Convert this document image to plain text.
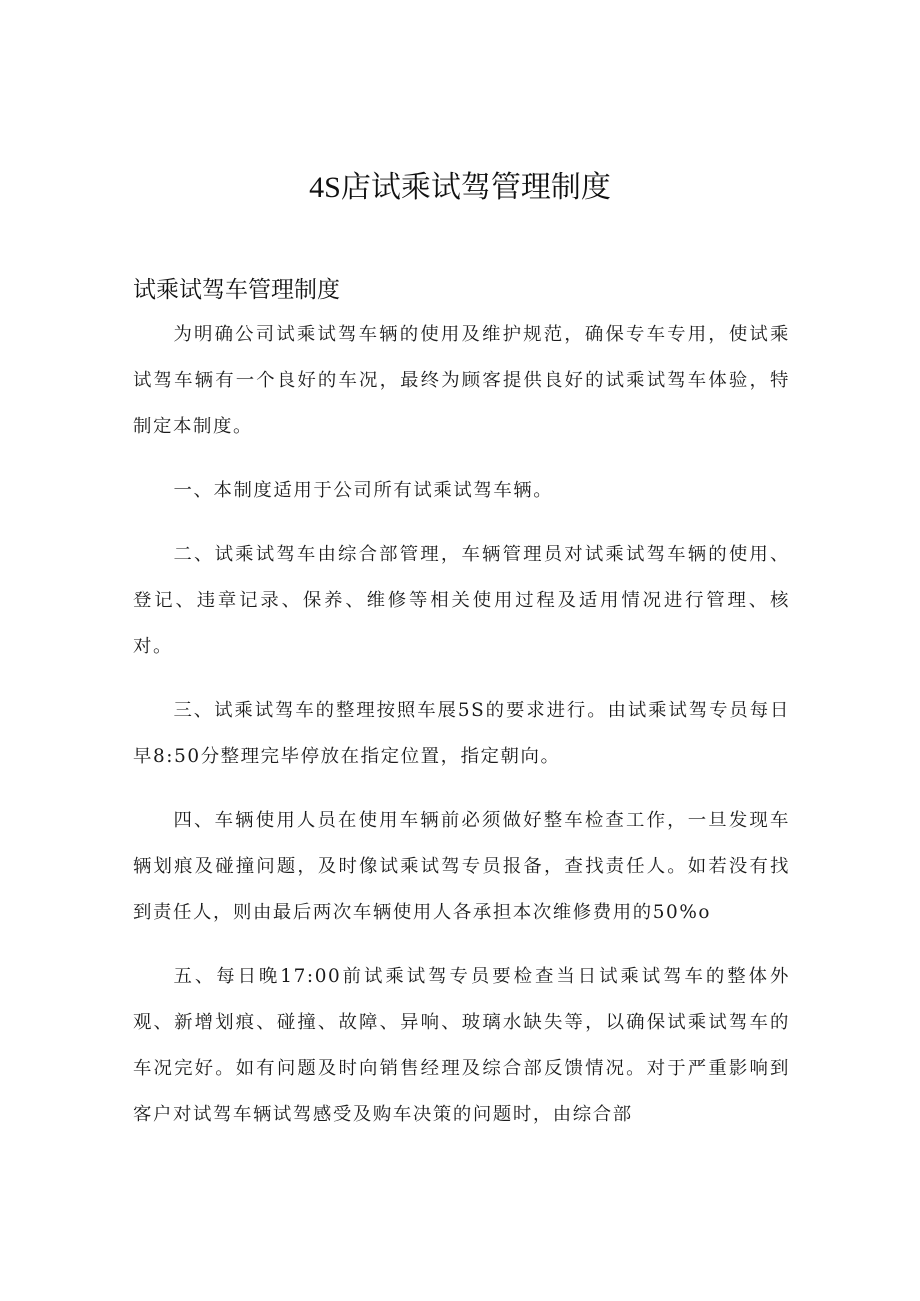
4S店试乘试驾管理制度
试乘试驾车管理制度

为明确公司试乘试驾车辆的使用及维护规范，确保专车专用，使试乘试驾车辆有一个良好的车况，最终为顾客提供良好的试乘试驾车体验，特制定本制度。

一、本制度适用于公司所有试乘试驾车辆。

二、试乘试驾车由综合部管理，车辆管理员对试乘试驾车辆的使用、登记、违章记录、保养、维修等相关使用过程及适用情况进行管理、核对。

三、试乘试驾车的整理按照车展5S的要求进行。由试乘试驾专员每日早8:50分整理完毕停放在指定位置，指定朝向。

四、车辆使用人员在使用车辆前必须做好整车检查工作，一旦发现车辆划痕及碰撞问题，及时像试乘试驾专员报备，查找责任人。如若没有找到责任人，则由最后两次车辆使用人各承担本次维修费用的50%o

五、每日晚17:00前试乘试驾专员要检查当日试乘试驾车的整体外观、新增划痕、碰撞、故障、异响、玻璃水缺失等，以确保试乘试驾车的车况完好。如有问题及时向销售经理及综合部反馈情况。对于严重影响到客户对试驾车辆试驾感受及购车决策的问题时，由综合部
